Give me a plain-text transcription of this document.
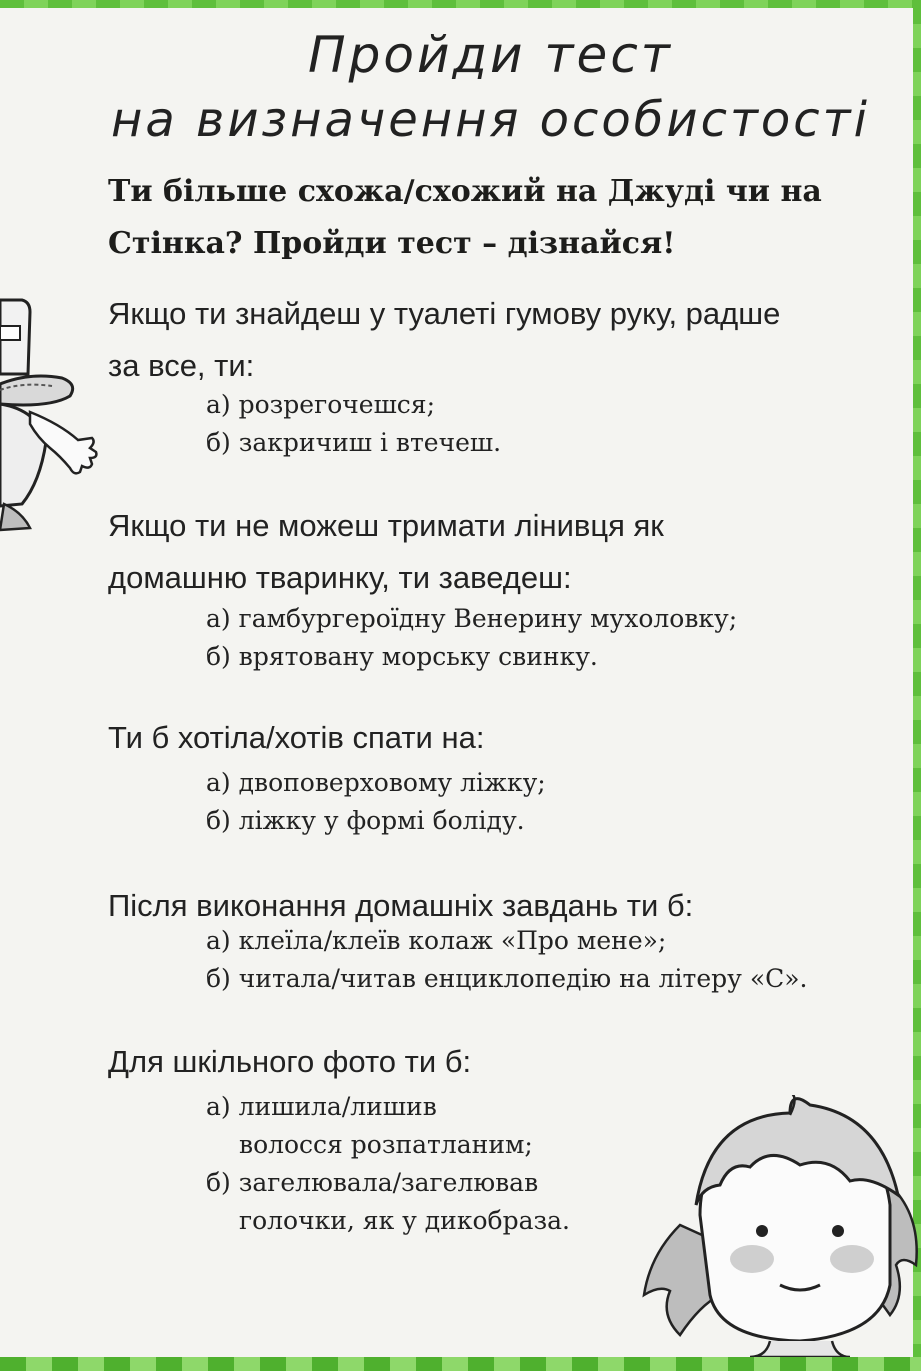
Пройди тест
на визначення особистості
Ти більше схожа/схожий на Джуді чи на
Стінка? Пройди тест – дізнайся!
Якщо ти знайдеш у туалеті гумову руку, радше
за все, ти:
а) розрегочешся;
б) закричиш і втечеш.
Якщо ти не можеш тримати лінивця як
домашню тваринку, ти заведеш:
а) гамбургероїдну Венерину мухоловку;
б) врятовану морську свинку.
Ти б хотіла/хотів спати на:
а) двоповерховому ліжку;
б) ліжку у формі боліду.
Після виконання домашніх завдань ти б:
а) клеїла/клеїв колаж «Про мене»;
б) читала/читав енциклопедію на літеру «С».
Для шкільного фото ти б:
а) лишила/лишив
волосся розпатланим;
б) загелювала/загелював
голочки, як у дикобраза.
